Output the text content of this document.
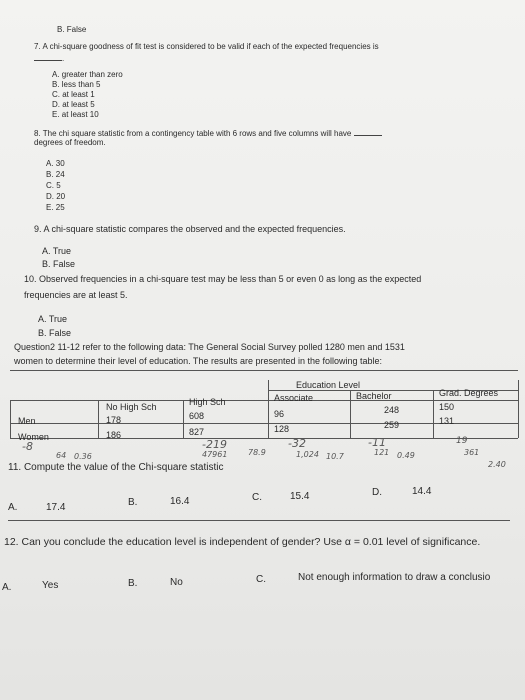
B. False
7. A chi-square goodness of fit test is considered to be valid if each of the expected frequencies is
.
A. greater than zero
B. less than 5
C. at least 1
D. at least 5
E. at least 10
8. The chi square statistic from a contingency table with 6 rows and five columns will have
degrees of freedom.
A. 30
B. 24
C. 5
D. 20
E. 25
9. A chi-square statistic compares the observed and the expected frequencies.
A. True
B. False
10. Observed frequencies in a chi-square test may be less than 5 or even 0 as long as the expected
frequencies are at least 5.
A. True
B. False
Question2 11-12 refer to the following data: The General Social Survey polled 1280 men and 1531
women to determine their level of education. The results are presented in the following table:
Education Level
No High Sch	High Sch	Associate	Bachelor	Grad. Degrees
Men	178	608	96	248	150
Women	186	827	128	259	131
-8
64 0.36
-219
47961	78.9
-32
1,024 10.7
-11
121 0.49
19
361
2.40
11. Compute the value of the Chi-square statistic
A.	17.4	B.	16.4	C.	15.4	D.	14.4
12. Can you conclude the education level is independent of gender? Use α = 0.01 level of significance.
A.	Yes	B.	No	C.	Not enough information to draw a conclusio
